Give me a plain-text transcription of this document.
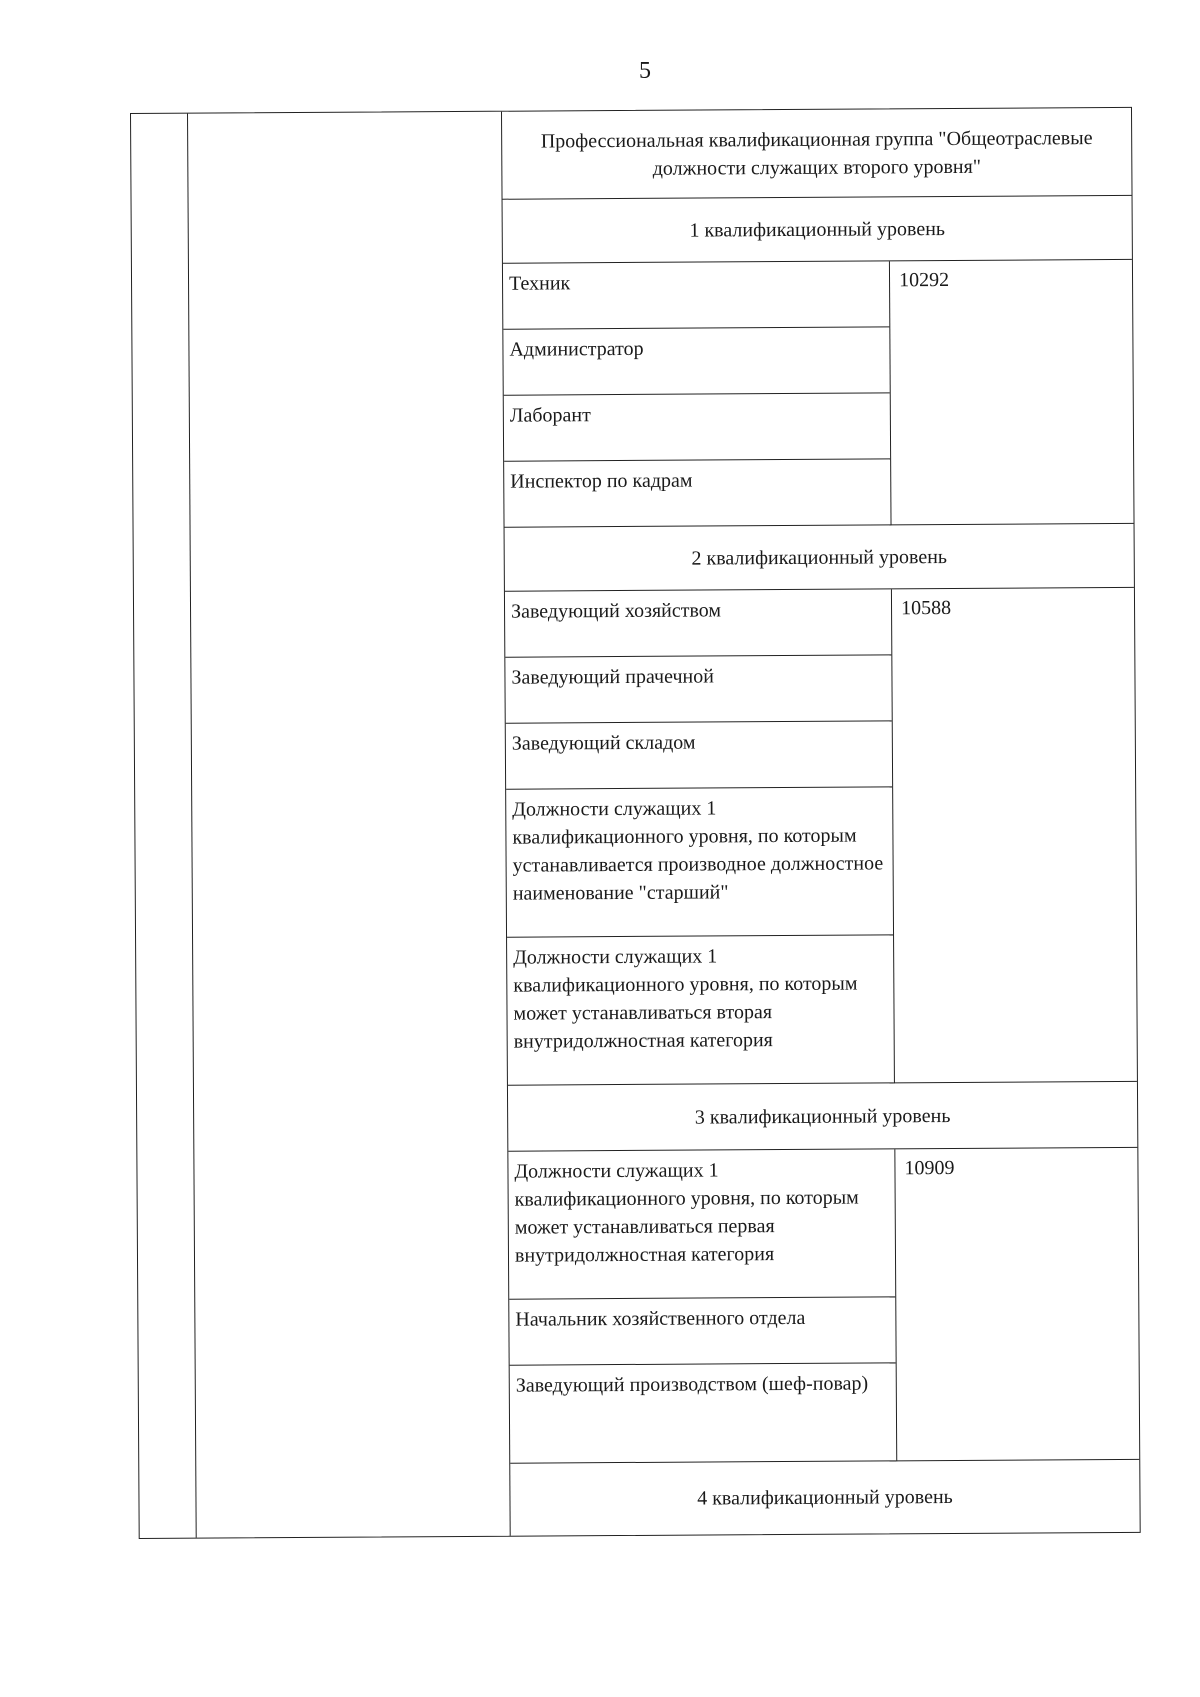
5
Профессиональная квалификационная группа "Общеотраслевые должности служащих второго уровня"
1 квалификационный уровень
Техник
Администратор
Лаборант
Инспектор по кадрам
10292
2 квалификационный уровень
Заведующий хозяйством
Заведующий прачечной
Заведующий складом
Должности служащих 1 квалификационного уровня, по которым устанавливается производное должностное наименование "старший"
Должности служащих 1 квалификационного уровня, по которым может устанавливаться вторая внутридолжностная категория
10588
3 квалификационный уровень
Должности служащих 1 квалификационного уровня, по которым может устанавливаться первая внутридолжностная категория
Начальник хозяйственного отдела
Заведующий производством (шеф-повар)
10909
4 квалификационный уровень
